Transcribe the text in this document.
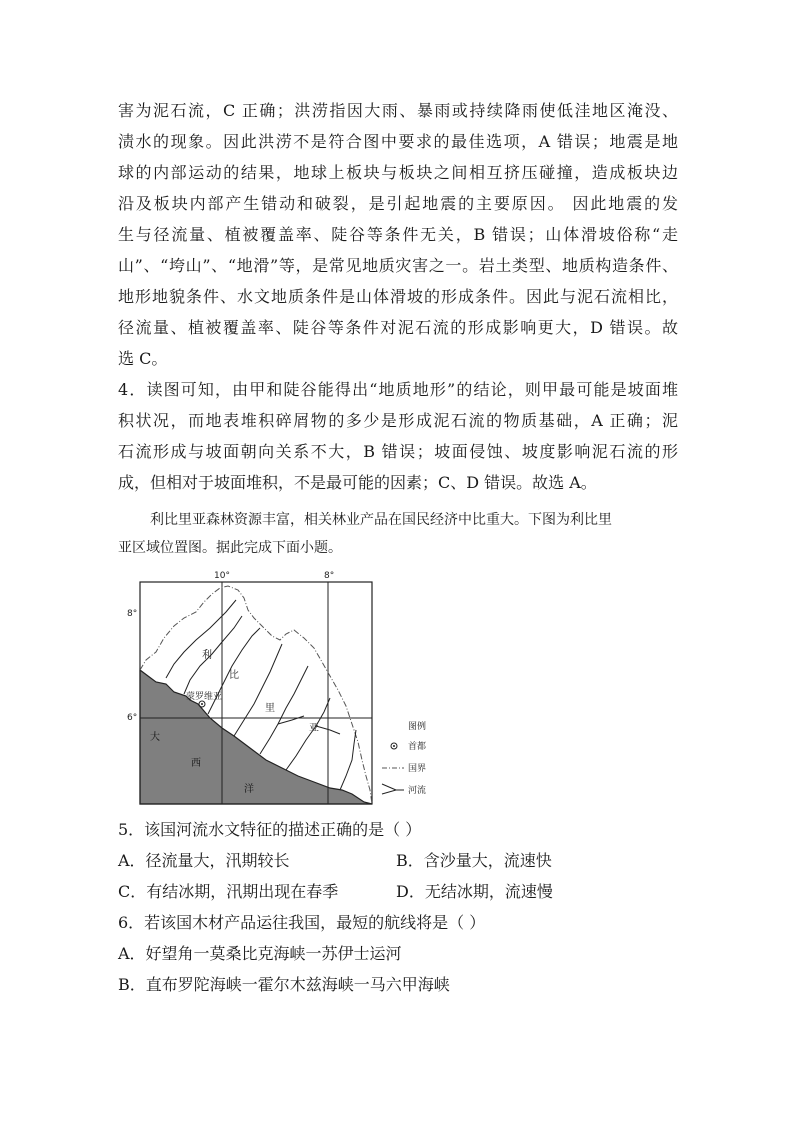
害为泥石流，C 正确；洪涝指因大雨、暴雨或持续降雨使低洼地区淹没、
渍水的现象。因此洪涝不是符合图中要求的最佳选项，A 错误；地震是地
球的内部运动的结果，地球上板块与板块之间相互挤压碰撞，造成板块边
沿及板块内部产生错动和破裂，是引起地震的主要原因。 因此地震的发
生与径流量、植被覆盖率、陡谷等条件无关，B 错误；山体滑坡俗称“走
山”、“垮山”、“地滑”等，是常见地质灾害之一。岩土类型、地质构造条件、
地形地貌条件、水文地质条件是山体滑坡的形成条件。因此与泥石流相比，
径流量、植被覆盖率、陡谷等条件对泥石流的形成影响更大，D 错误。故
选 C。
4．读图可知，由甲和陡谷能得出“地质地形”的结论，则甲最可能是坡面堆
积状况，而地表堆积碎屑物的多少是形成泥石流的物质基础，A 正确；泥
石流形成与坡面朝向关系不大，B 错误；坡面侵蚀、坡度影响泥石流的形
成，但相对于坡面堆积，不是最可能的因素；C、D 错误。故选 A。
利比里亚森林资源丰富，相关林业产品在国民经济中比重大。下图为利比里
亚区域位置图。据此完成下面小题。
10°	8°
8°
6°
利
比
里
亚
蒙罗维亚
大
西
洋
图例
首都
国界
河流
5．该国河流水文特征的描述正确的是（ ）
A．径流量大，汛期较长	B．含沙量大，流速快
C．有结冰期，汛期出现在春季	D．无结冰期，流速慢
6．若该国木材产品运往我国，最短的航线将是（ ）
A．好望角一莫桑比克海峡一苏伊士运河
B．直布罗陀海峡一霍尔木兹海峡一马六甲海峡
